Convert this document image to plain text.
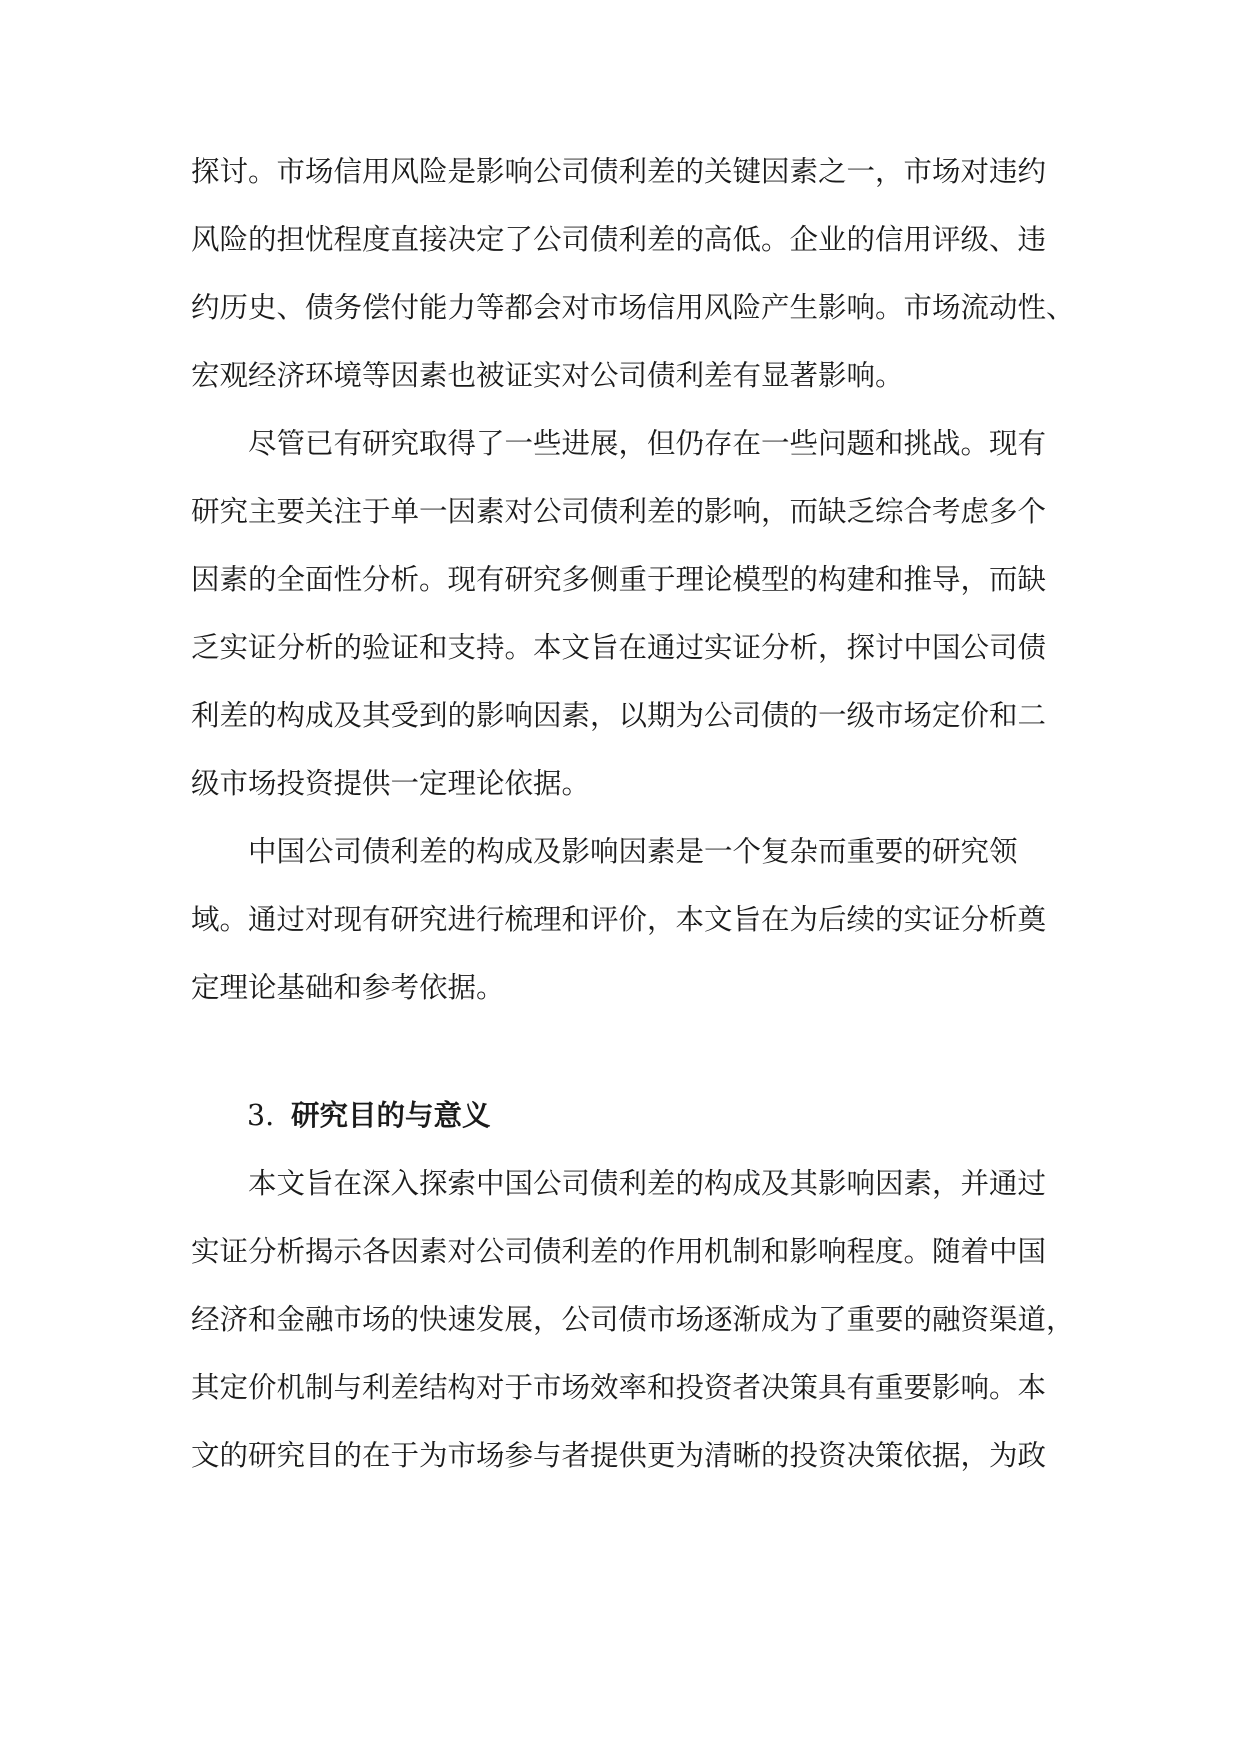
探讨。市场信用风险是影响公司债利差的关键因素之一，市场对违约
风险的担忧程度直接决定了公司债利差的高低。企业的信用评级、违
约历史、债务偿付能力等都会对市场信用风险产生影响。市场流动性、
宏观经济环境等因素也被证实对公司债利差有显著影响。
尽管已有研究取得了一些进展，但仍存在一些问题和挑战。现有
研究主要关注于单一因素对公司债利差的影响，而缺乏综合考虑多个
因素的全面性分析。现有研究多侧重于理论模型的构建和推导，而缺
乏实证分析的验证和支持。本文旨在通过实证分析，探讨中国公司债
利差的构成及其受到的影响因素，以期为公司债的一级市场定价和二
级市场投资提供一定理论依据。
中国公司债利差的构成及影响因素是一个复杂而重要的研究领
域。通过对现有研究进行梳理和评价，本文旨在为后续的实证分析奠
定理论基础和参考依据。
3. 研究目的与意义
本文旨在深入探索中国公司债利差的构成及其影响因素，并通过
实证分析揭示各因素对公司债利差的作用机制和影响程度。随着中国
经济和金融市场的快速发展，公司债市场逐渐成为了重要的融资渠道，
其定价机制与利差结构对于市场效率和投资者决策具有重要影响。本
文的研究目的在于为市场参与者提供更为清晰的投资决策依据，为政
